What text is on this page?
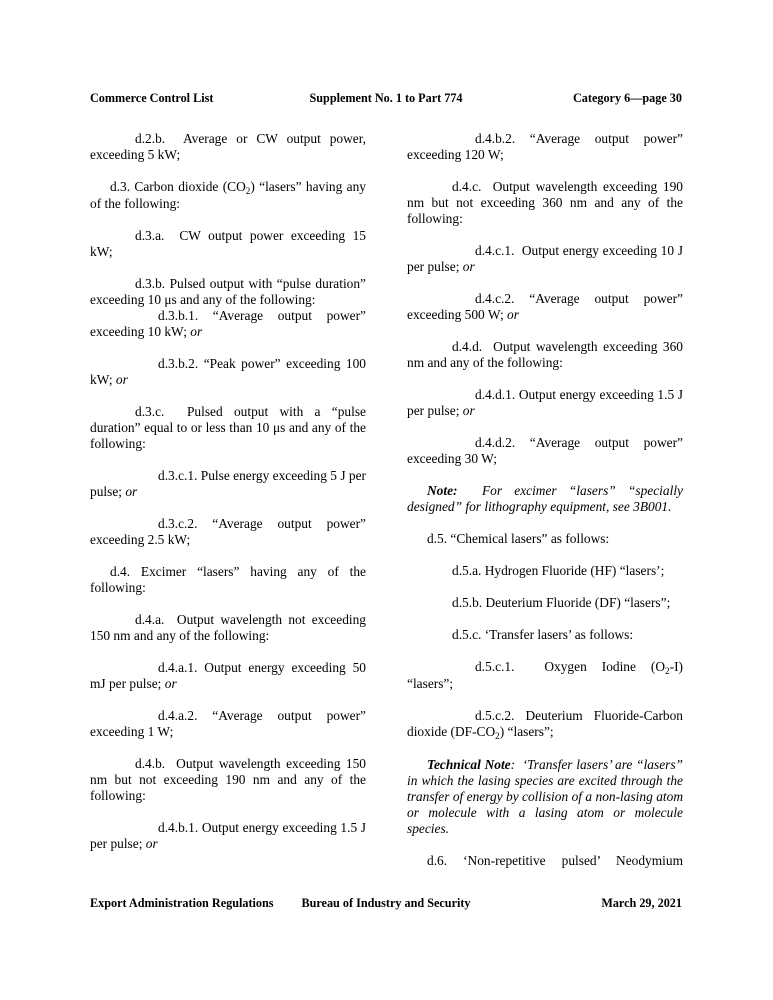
Commerce Control List	Supplement No. 1 to Part 774	Category 6—page 30

d.2.b.  Average or CW output power, exceeding 5 kW;

d.3. Carbon dioxide (CO2) “lasers” having any of the following:

d.3.a.  CW output power exceeding 15 kW;

d.3.b. Pulsed output with “pulse duration” exceeding 10 μs and any of the following:

d.3.b.1. “Average output power” exceeding 10 kW; or

d.3.b.2. “Peak power” exceeding 100 kW; or

d.3.c.  Pulsed output with a “pulse duration” equal to or less than 10 μs and any of the following:

d.3.c.1. Pulse energy exceeding 5 J per pulse; or

d.3.c.2. “Average output power” exceeding 2.5 kW;

d.4. Excimer “lasers” having any of the following:

d.4.a.  Output wavelength not exceeding 150 nm and any of the following:

d.4.a.1. Output energy exceeding 50 mJ per pulse; or

d.4.a.2. “Average output power” exceeding 1 W;

d.4.b.  Output wavelength exceeding 150 nm but not exceeding 190 nm and any of the following:

d.4.b.1. Output energy exceeding 1.5 J per pulse; or

d.4.b.2. “Average output power” exceeding 120 W;

d.4.c.  Output wavelength exceeding 190 nm but not exceeding 360 nm and any of the following:

d.4.c.1.  Output energy exceeding 10 J per pulse; or

d.4.c.2. “Average output power” exceeding 500 W; or

d.4.d.  Output wavelength exceeding 360 nm and any of the following:

d.4.d.1. Output energy exceeding 1.5 J per pulse; or

d.4.d.2. “Average output power” exceeding 30 W;

Note:  For excimer “lasers” “specially designed” for lithography equipment, see 3B001.

d.5. “Chemical lasers” as follows:

d.5.a. Hydrogen Fluoride (HF) “lasers’;

d.5.b. Deuterium Fluoride (DF) “lasers”;

d.5.c. ‘Transfer lasers’ as follows:

d.5.c.1.  Oxygen Iodine (O2-I) “lasers”;

d.5.c.2. Deuterium Fluoride-Carbon dioxide (DF-CO2) “lasers”;

Technical Note:  ‘Transfer lasers’ are “lasers” in which the lasing species are excited through the transfer of energy by collision of a non-lasing atom or molecule with a lasing atom or molecule species.

d.6. ‘Non-repetitive pulsed’ Neodymium

Export Administration Regulations	Bureau of Industry and Security	March 29, 2021
